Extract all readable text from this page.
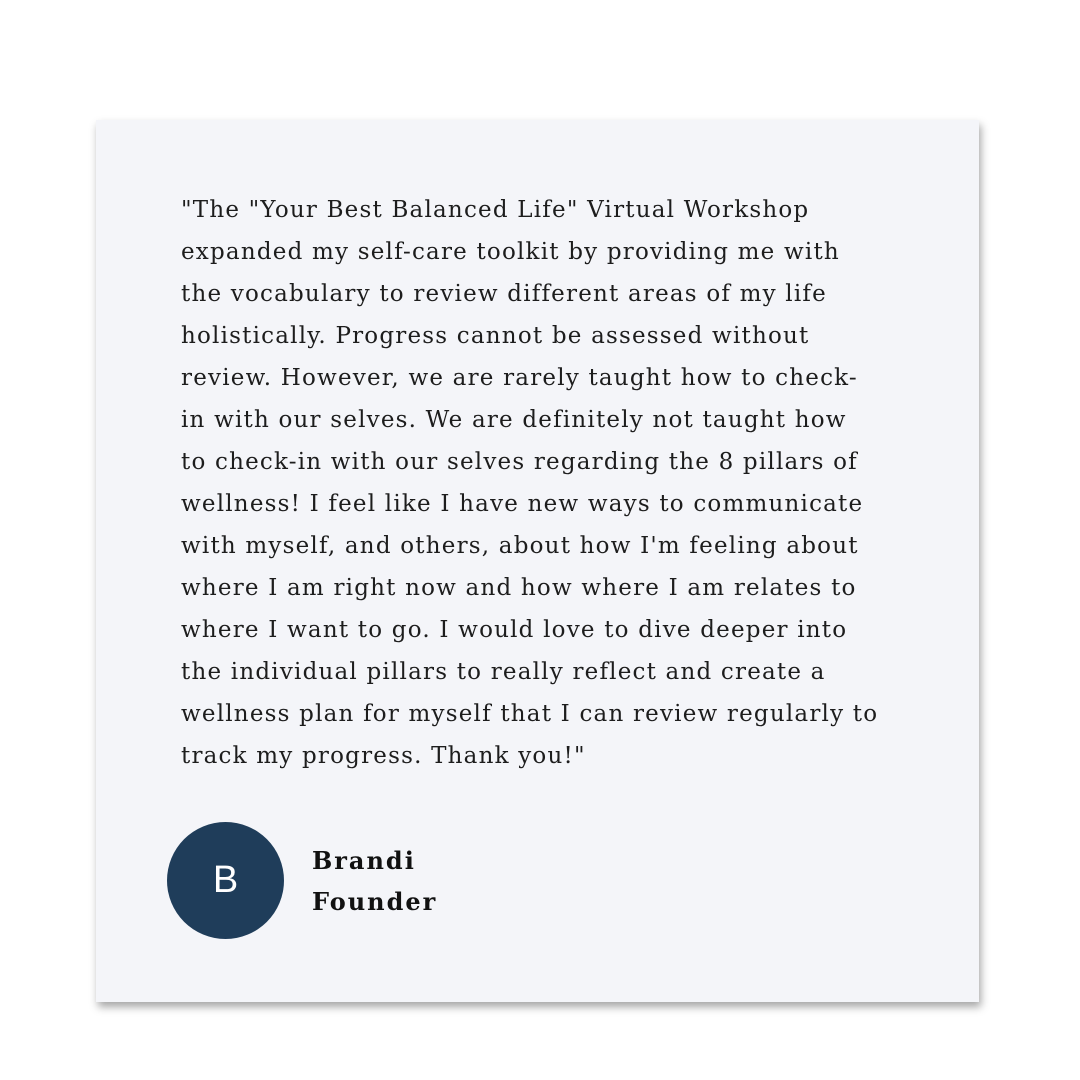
"The "Your Best Balanced Life" Virtual Workshop
expanded my self-care toolkit by providing me with
the vocabulary to review different areas of my life
holistically. Progress cannot be assessed without
review. However, we are rarely taught how to check-
in with our selves. We are definitely not taught how
to check-in with our selves regarding the 8 pillars of
wellness! I feel like I have new ways to communicate
with myself, and others, about how I'm feeling about
where I am right now and how where I am relates to
where I want to go. I would love to dive deeper into
the individual pillars to really reflect and create a
wellness plan for myself that I can review regularly to
track my progress. Thank you!"

B	Brandi
Founder
